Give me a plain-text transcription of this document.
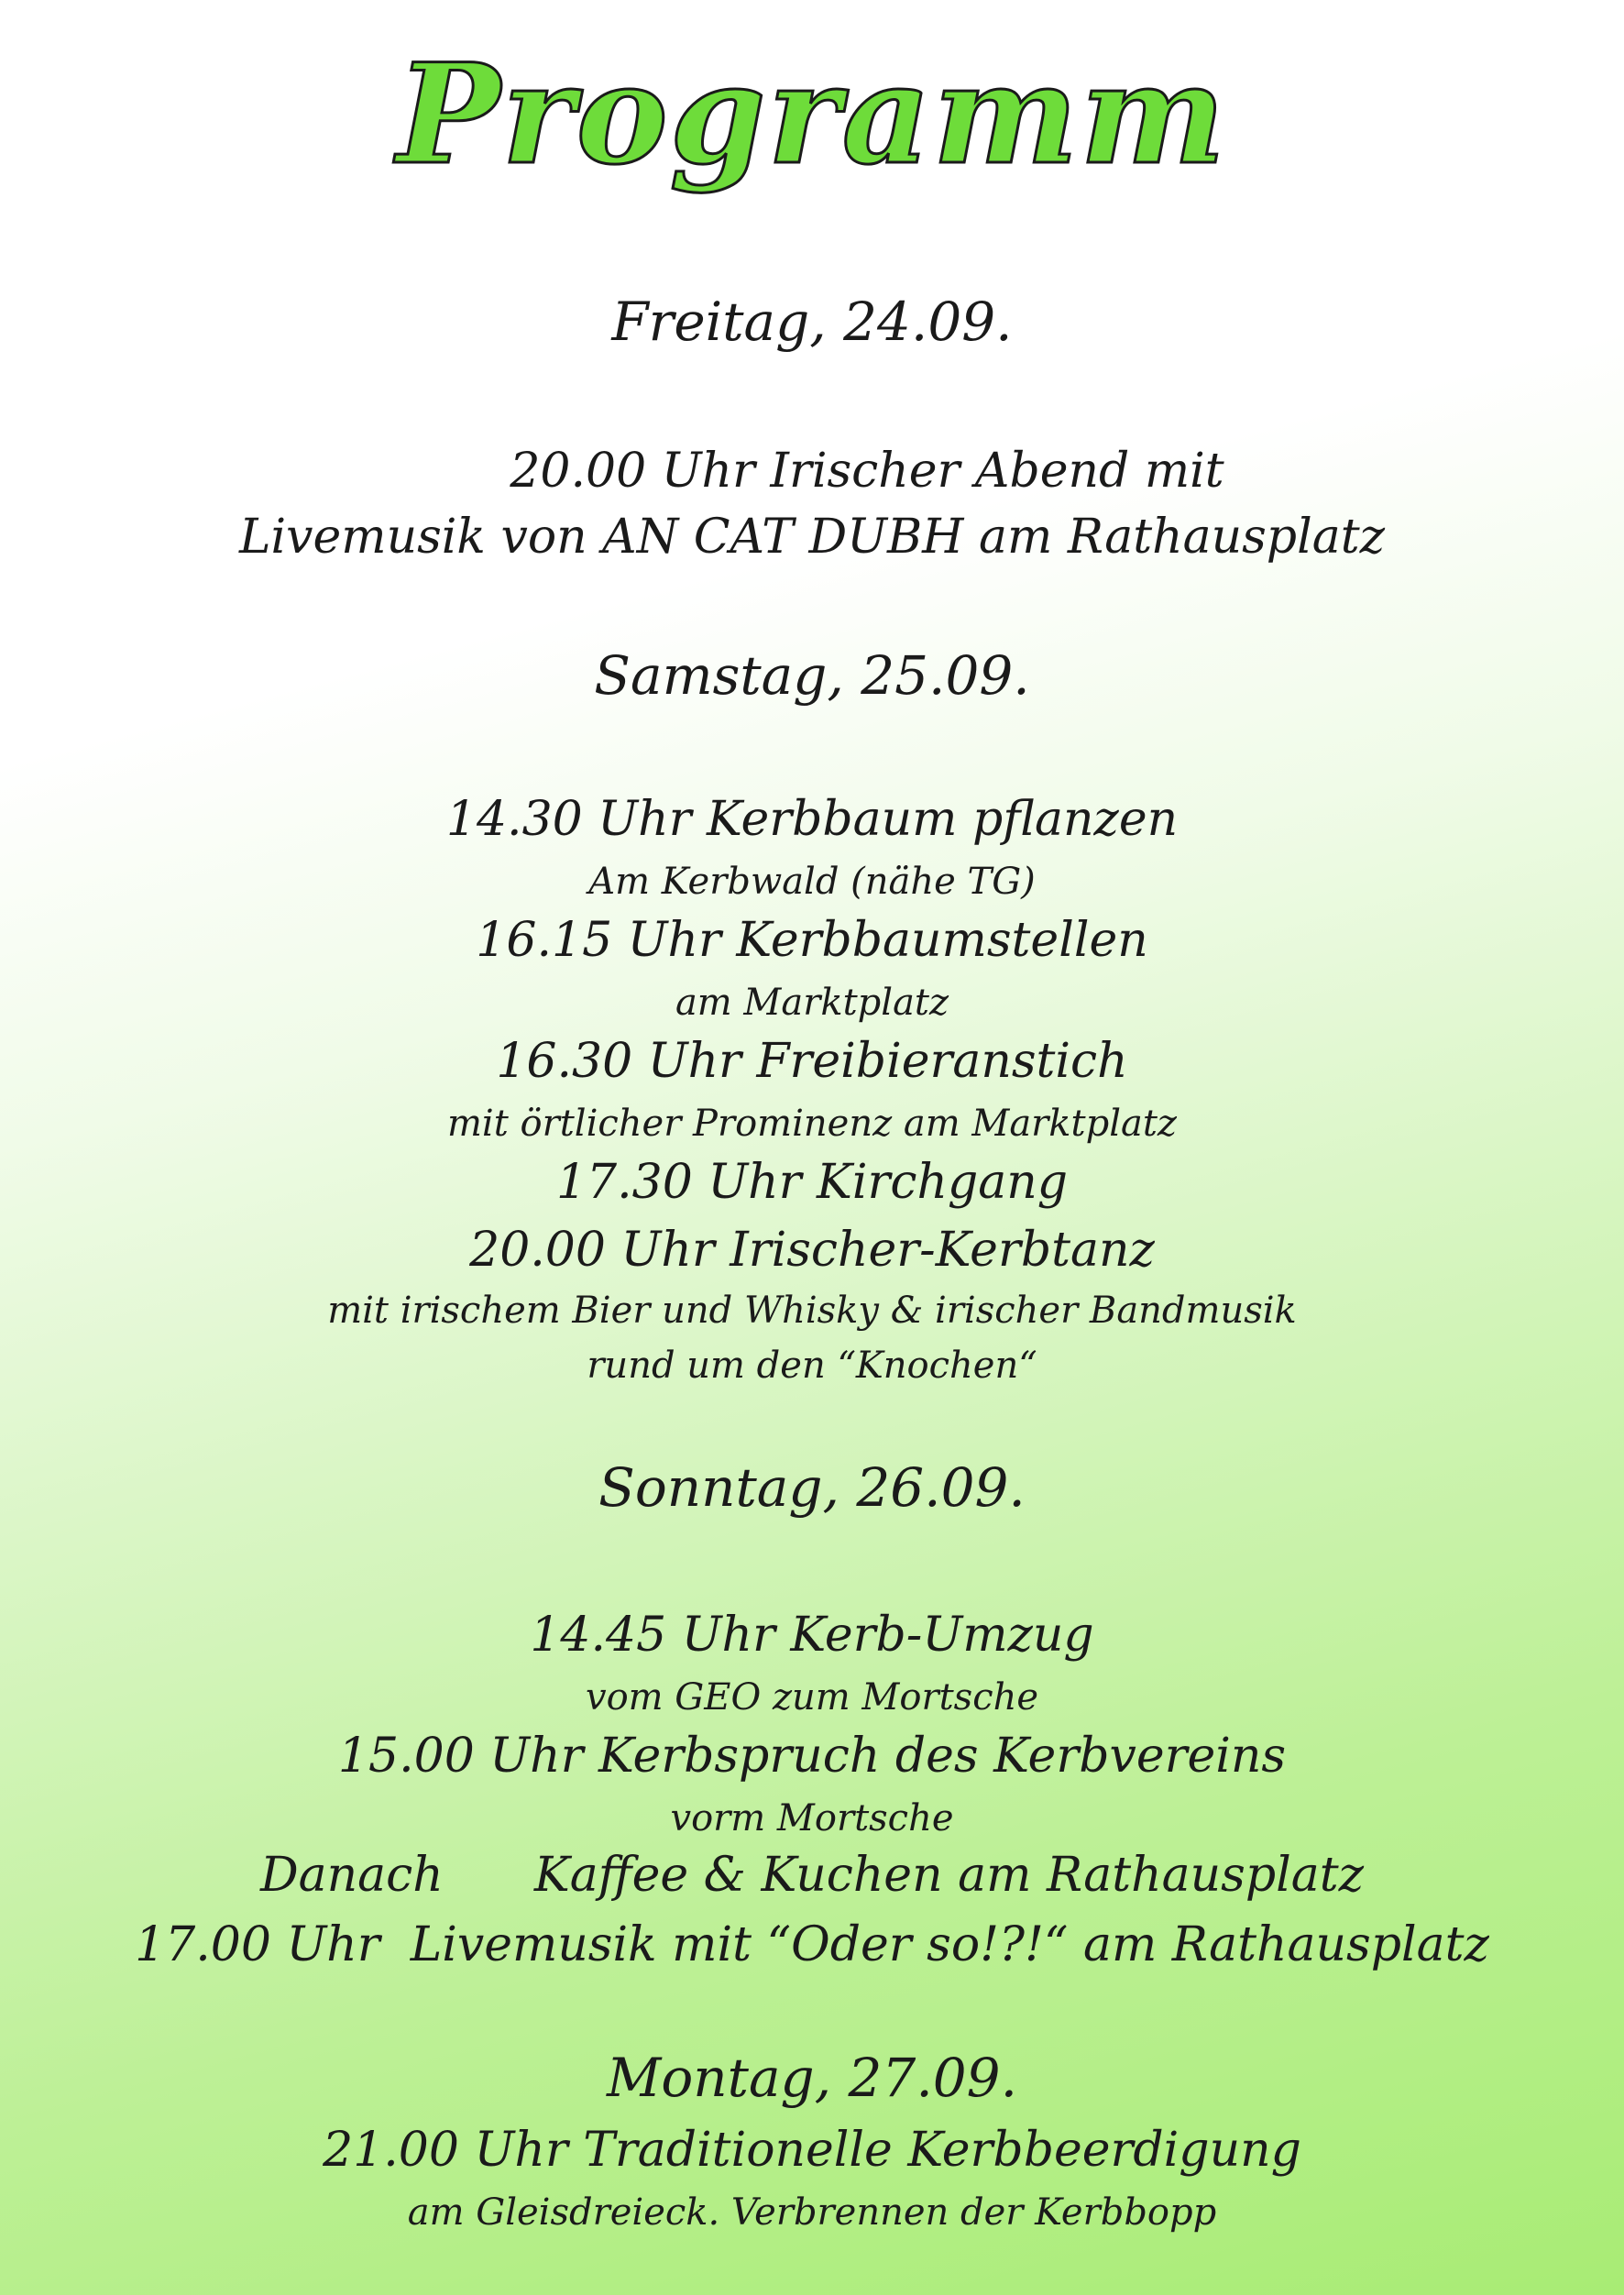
Programm
Freitag, 24.09.
20.00 Uhr Irischer Abend mit
Livemusik von AN CAT DUBH am Rathausplatz
Samstag, 25.09.
14.30 Uhr Kerbbaum pflanzen
Am Kerbwald (nähe TG)
16.15 Uhr Kerbbaumstellen
am Marktplatz
16.30 Uhr Freibieranstich
mit örtlicher Prominenz am Marktplatz
17.30 Uhr Kirchgang
20.00 Uhr Irischer-Kerbtanz
mit irischem Bier und Whisky & irischer Bandmusik
rund um den “Knochen“
Sonntag, 26.09.
14.45 Uhr Kerb-Umzug
vom GEO zum Mortsche
15.00 Uhr Kerbspruch des Kerbvereins
vorm Mortsche
Danach      Kaffee & Kuchen am Rathausplatz
17.00 Uhr  Livemusik mit “Oder so!?!“ am Rathausplatz
Montag, 27.09.
21.00 Uhr Traditionelle Kerbbeerdigung
am Gleisdreieck. Verbrennen der Kerbbopp
